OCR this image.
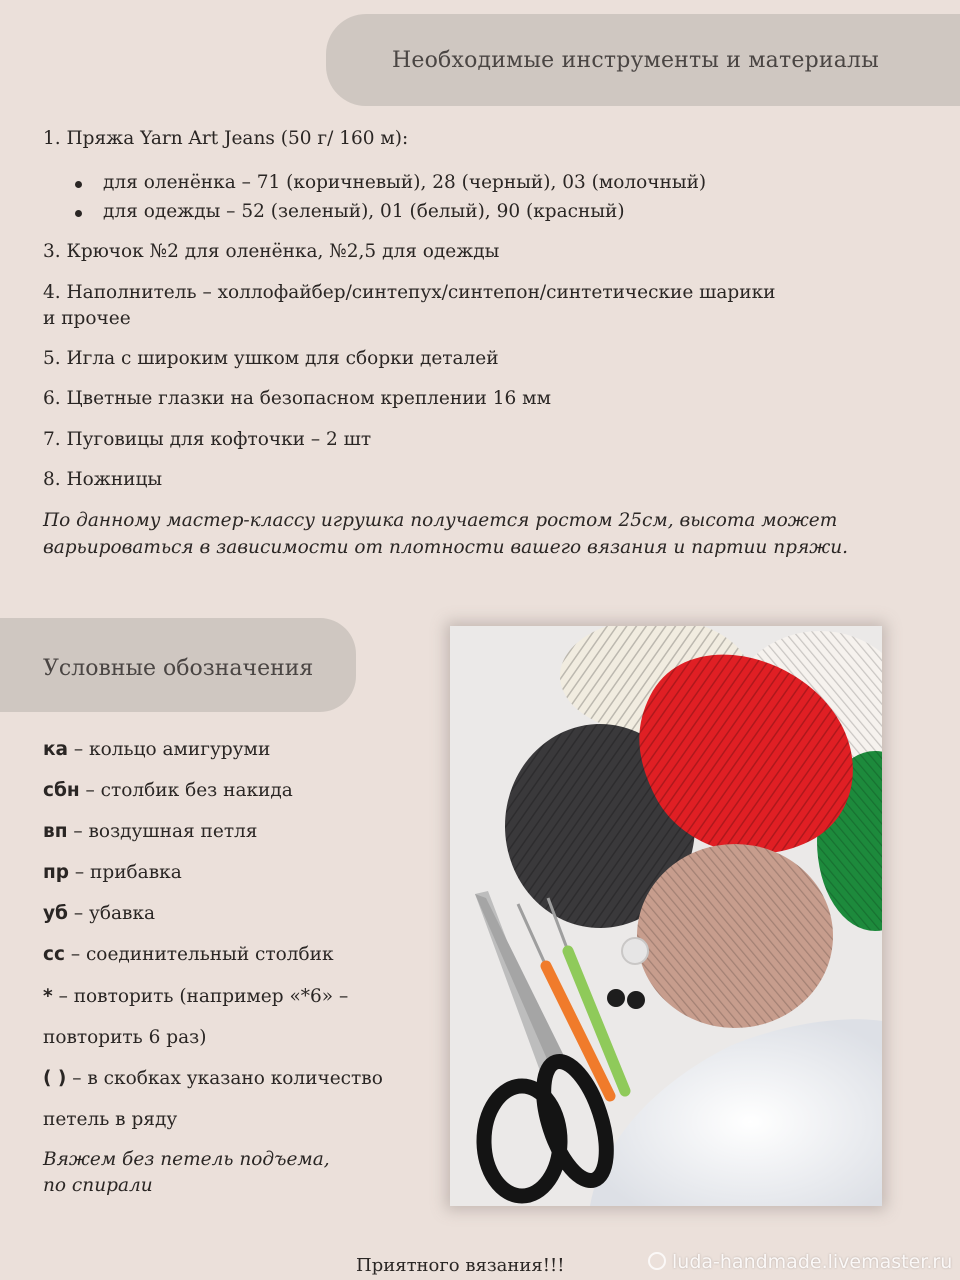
Необходимые инструменты и материалы
1. Пряжа Yarn Art Jeans (50 г/ 160 м):
для оленёнка – 71 (коричневый), 28 (черный), 03 (молочный)
для одежды – 52 (зеленый), 01 (белый), 90 (красный)
3. Крючок №2 для оленёнка, №2,5 для одежды
4. Наполнитель – холлофайбер/синтепух/синтепон/синтетические шарики
и прочее
5. Игла с широким ушком для сборки деталей
6. Цветные глазки на безопасном креплении 16 мм
7. Пуговицы для кофточки – 2 шт
8. Ножницы
По данному мастер-классу игрушка получается ростом 25см, высота может
варьироваться в зависимости от плотности вашего вязания и партии пряжи.
Условные обозначения
ка – кольцо амигуруми
сбн – столбик без накида
вп – воздушная петля
пр – прибавка
уб – убавка
сс – соединительный столбик
* – повторить (например «*6» –
повторить 6 раз)
( ) – в скобках указано количество
петель в ряду
Вяжем без петель подъема,
по спирали
Приятного вязания!!!	luda-handmade.livemaster.ru
